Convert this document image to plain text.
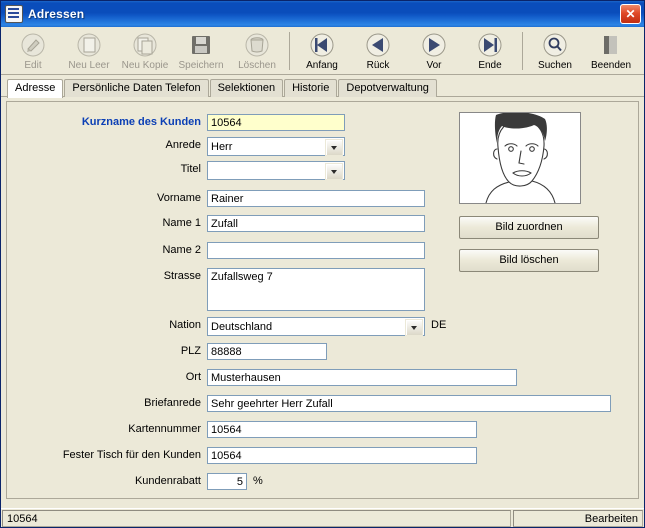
Adressen	✕
Edit	Neu Leer Neu Kopie Speichern Löschen	Anfang	Rück	Vor	Ende	Suchen Beenden
Adresse	Persönliche Daten Telefon	Selektionen	Historie	Depotverwaltung
Kurzname des Kunden 10564
Anrede Herr
Titel
Vorname Rainer
Name 1 Zufall
Name 2
Strasse Zufallsweg 7
Nation Deutschland	DE
PLZ 88888
Ort Musterhausen
Briefanrede Sehr geehrter Herr Zufall
Kartennummer 10564
Fester Tisch für den Kunden 10564
Kundenrabatt	5 %
Bild zuordnen
Bild löschen
10564	Bearbeiten
